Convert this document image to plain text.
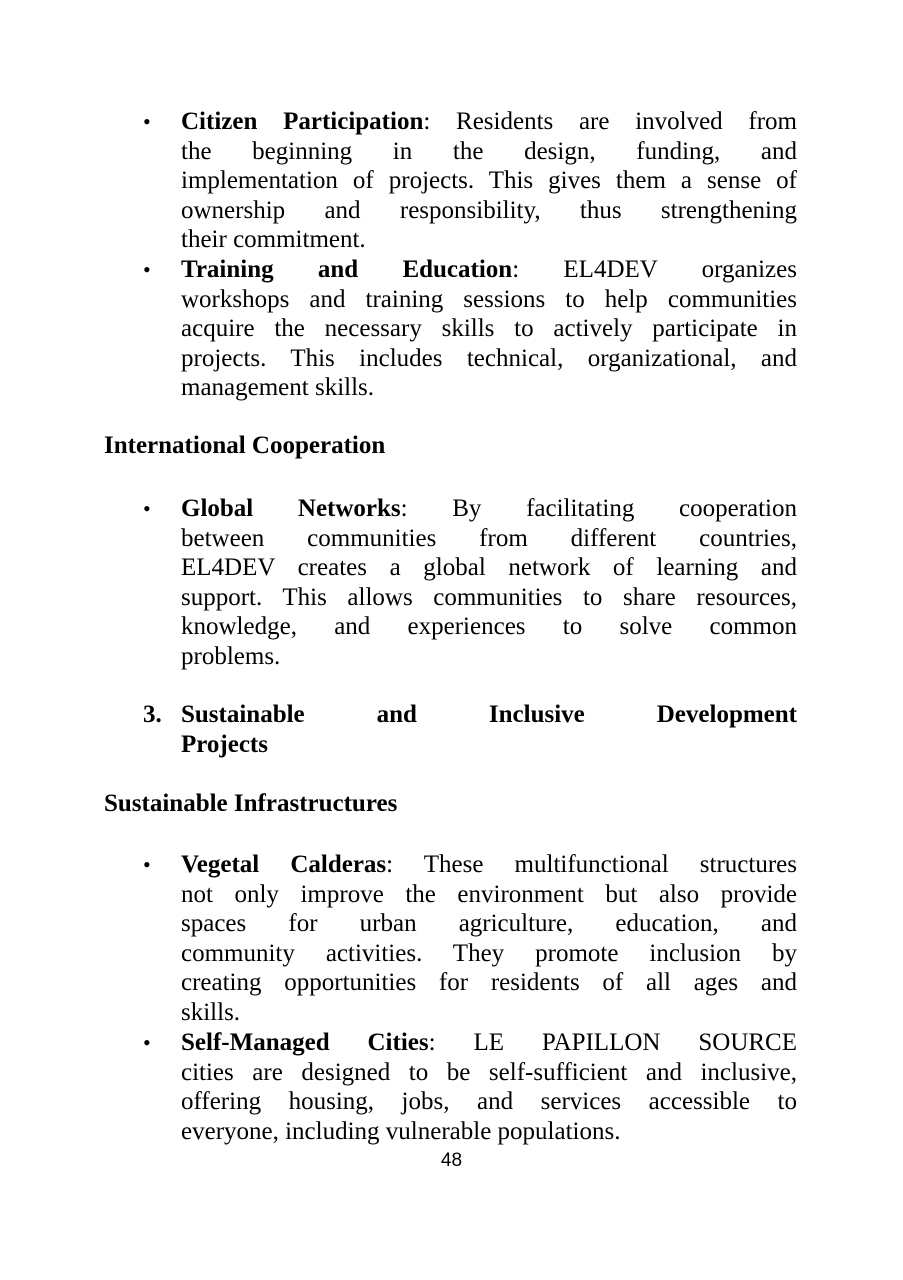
• Citizen Participation: Residents are involved from
the beginning in the design, funding, and
implementation of projects. This gives them a sense of
ownership and responsibility, thus strengthening
their commitment.
• Training and Education: EL4DEV organizes
workshops and training sessions to help communities
acquire the necessary skills to actively participate in
projects. This includes technical, organizational, and
management skills.
International Cooperation
• Global Networks: By facilitating cooperation
between communities from different countries,
EL4DEV creates a global network of learning and
support. This allows communities to share resources,
knowledge, and experiences to solve common
problems.
3. Sustainable and Inclusive Development
Projects
Sustainable Infrastructures
• Vegetal Calderas: These multifunctional structures
not only improve the environment but also provide
spaces for urban agriculture, education, and
community activities. They promote inclusion by
creating opportunities for residents of all ages and
skills.
• Self-Managed Cities: LE PAPILLON SOURCE
cities are designed to be self-sufficient and inclusive,
offering housing, jobs, and services accessible to
everyone, including vulnerable populations.
48
